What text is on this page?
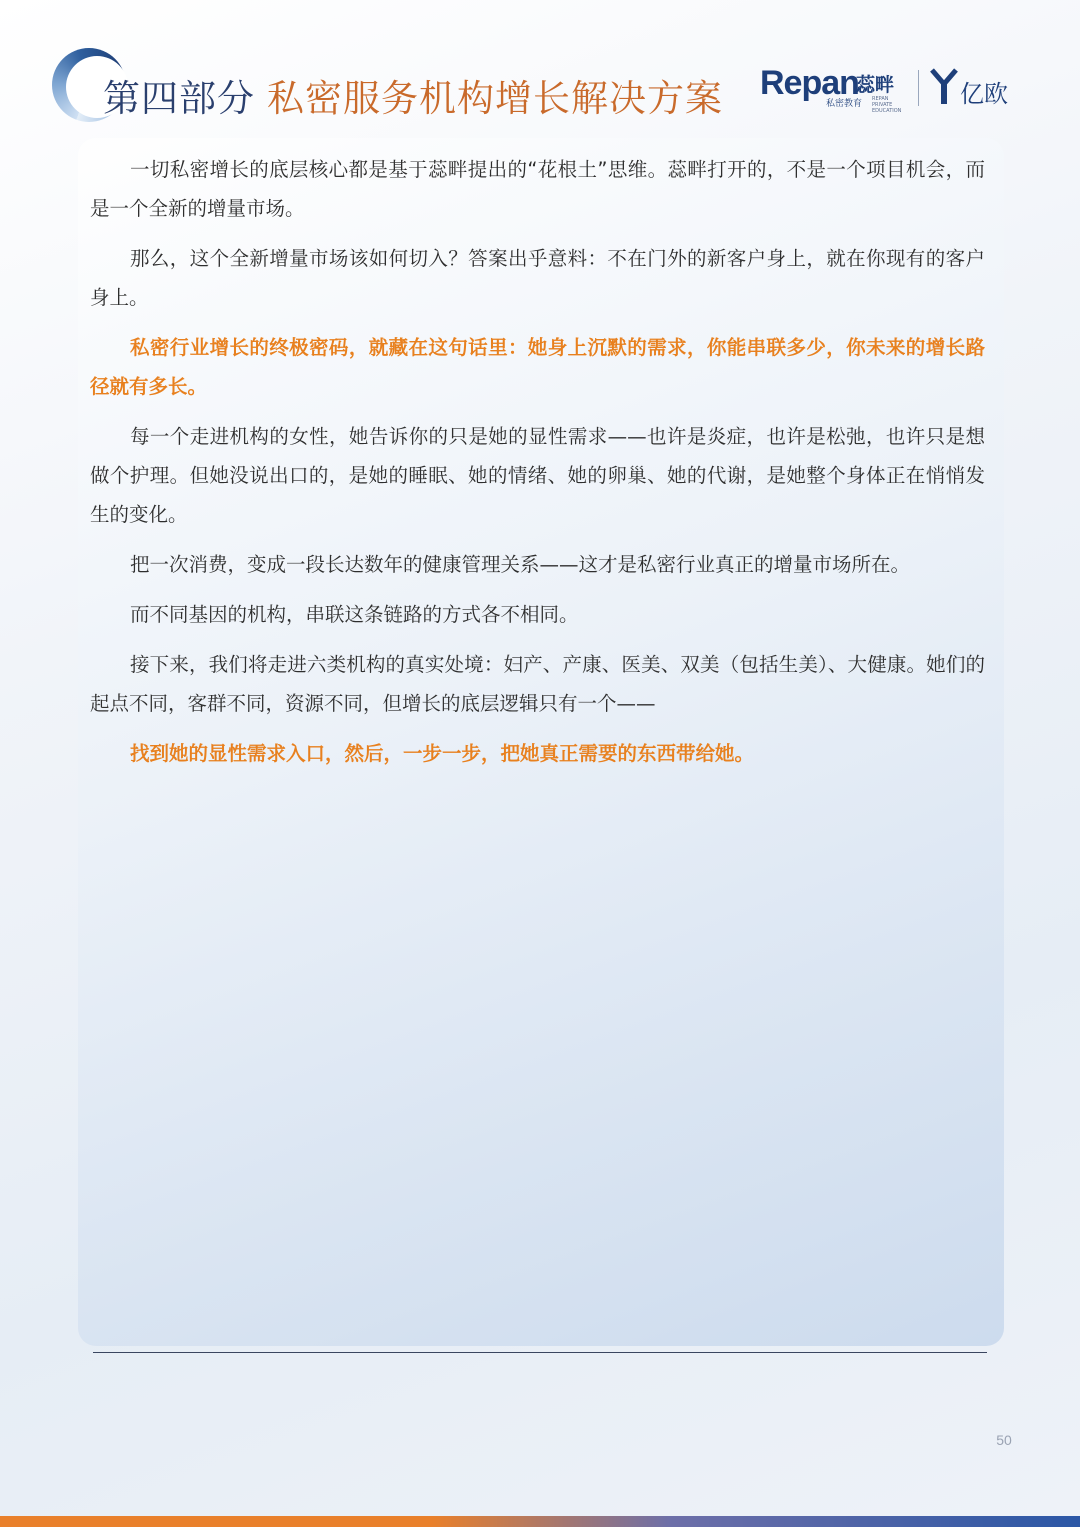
第四部分 私密服务机构增长解决方案 Repan
蕊畔
私密教育 REPAN PRIVATE
EDUCATION
亿欧

一切私密增长的底层核心都是基于蕊畔提出的“花根土”思维。蕊畔打开的，不是一个项目机会，而是一个全新的增量市场。

那么，这个全新增量市场该如何切入？答案出乎意料：不在门外的新客户身上，就在你现有的客户身上。

私密行业增长的终极密码，就藏在这句话里：她身上沉默的需求，你能串联多少，你未来的增长路径就有多长。

每一个走进机构的女性，她告诉你的只是她的显性需求——也许是炎症，也许是松弛，也许只是想做个护理。但她没说出口的，是她的睡眠、她的情绪、她的卵巢、她的代谢，是她整个身体正在悄悄发生的变化。

把一次消费，变成一段长达数年的健康管理关系——这才是私密行业真正的增量市场所在。

而不同基因的机构，串联这条链路的方式各不相同。

接下来，我们将走进六类机构的真实处境：妇产、产康、医美、双美（包括生美）、大健康。她们的起点不同，客群不同，资源不同，但增长的底层逻辑只有一个——

找到她的显性需求入口，然后，一步一步，把她真正需要的东西带给她。

50
